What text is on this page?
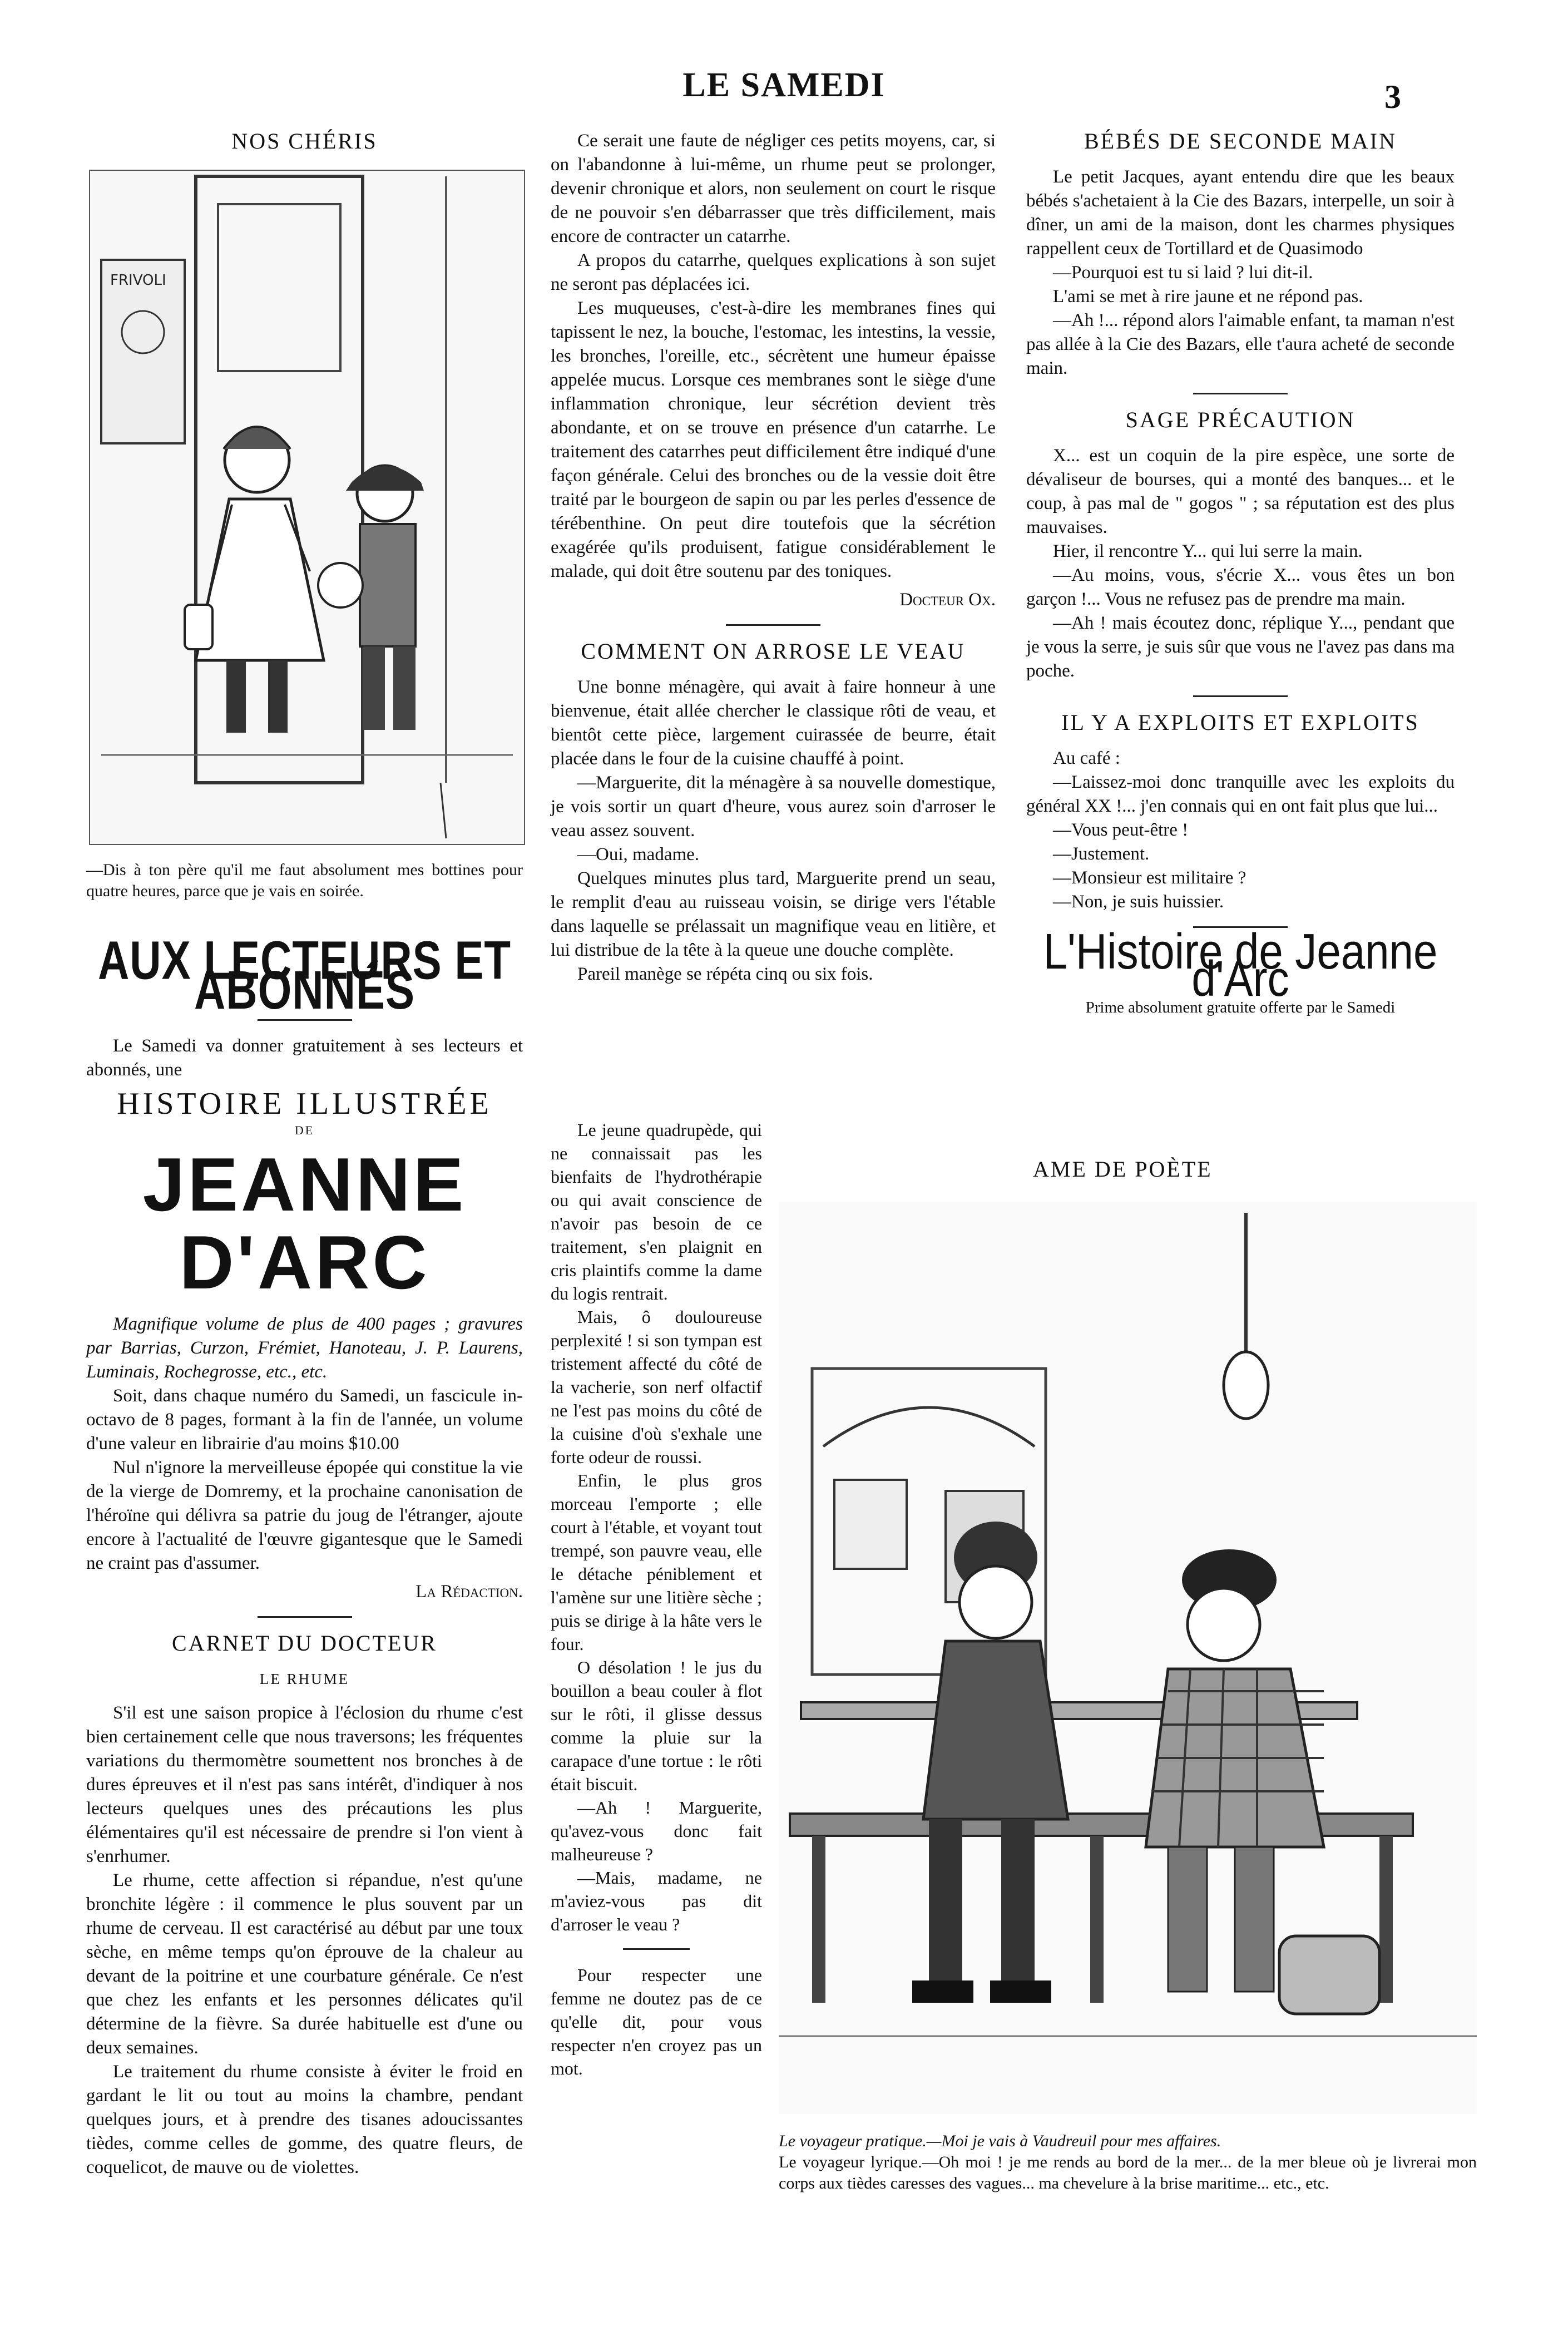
LE SAMEDI	3
NOS CHÉRIS
FRIVOLI
—Dis à ton père qu'il me faut absolument mes bottines pour quatre heures, parce que je vais en soirée.
AUX LECTEURS ET ABONNÉS

Le Samedi va donner gratuitement à ses lecteurs et abonnés, une

HISTOIRE ILLUSTRÉE
DE
JEANNE D'ARC

Magnifique volume de plus de 400 pages ; gravures par Barrias, Curzon, Frémiet, Hanoteau, J. P. Laurens, Luminais, Rochegrosse, etc., etc.

Soit, dans chaque numéro du Samedi, un fascicule in-octavo de 8 pages, formant à la fin de l'année, un volume d'une valeur en librairie d'au moins $10.00

Nul n'ignore la merveilleuse épopée qui constitue la vie de la vierge de Domremy, et la prochaine canonisation de l'héroïne qui délivra sa patrie du joug de l'étranger, ajoute encore à l'actualité de l'œuvre gigantesque que le Samedi ne craint pas d'assumer.

La Rédaction.
CARNET DU DOCTEUR
LE RHUME

S'il est une saison propice à l'éclosion du rhume c'est bien certainement celle que nous traversons; les fréquentes variations du thermomètre soumettent nos bronches à de dures épreuves et il n'est pas sans intérêt, d'indiquer à nos lecteurs quelques unes des précautions les plus élémentaires qu'il est nécessaire de prendre si l'on vient à s'enrhumer.

Le rhume, cette affection si répandue, n'est qu'une bronchite légère : il commence le plus souvent par un rhume de cerveau. Il est caractérisé au début par une toux sèche, en même temps qu'on éprouve de la chaleur au devant de la poitrine et une courbature générale. Ce n'est que chez les enfants et les personnes délicates qu'il détermine de la fièvre. Sa durée habituelle est d'une ou deux semaines.

Le traitement du rhume consiste à éviter le froid en gardant le lit ou tout au moins la chambre, pendant quelques jours, et à prendre des tisanes adoucissantes tièdes, comme celles de gomme, des quatre fleurs, de coquelicot, de mauve ou de violettes.

Ce serait une faute de négliger ces petits moyens, car, si on l'abandonne à lui-même, un rhume peut se prolonger, devenir chronique et alors, non seulement on court le risque de ne pouvoir s'en débarrasser que très difficilement, mais encore de contracter un catarrhe.

A propos du catarrhe, quelques explications à son sujet ne seront pas déplacées ici.

Les muqueuses, c'est-à-dire les membranes fines qui tapissent le nez, la bouche, l'estomac, les intestins, la vessie, les bronches, l'oreille, etc., sécrètent une humeur épaisse appelée mucus. Lorsque ces membranes sont le siège d'une inflammation chronique, leur sécrétion devient très abondante, et on se trouve en présence d'un catarrhe. Le traitement des catarrhes peut difficilement être indiqué d'une façon générale. Celui des bronches ou de la vessie doit être traité par le bourgeon de sapin ou par les perles d'essence de térébenthine. On peut dire toutefois que la sécrétion exagérée qu'ils produisent, fatigue considérablement le malade, qui doit être soutenu par des toniques.

Docteur Ox.
COMMENT ON ARROSE LE VEAU

Une bonne ménagère, qui avait à faire honneur à une bienvenue, était allée chercher le classique rôti de veau, et bientôt cette pièce, largement cuirassée de beurre, était placée dans le four de la cuisine chauffé à point.

—Marguerite, dit la ménagère à sa nouvelle domestique, je vois sortir un quart d'heure, vous aurez soin d'arroser le veau assez souvent.

—Oui, madame.

Quelques minutes plus tard, Marguerite prend un seau, le remplit d'eau au ruisseau voisin, se dirige vers l'étable dans laquelle se prélassait un magnifique veau en litière, et lui distribue de la tête à la queue une douche complète.

Pareil manège se répéta cinq ou six fois.

Le jeune quadrupède, qui ne connaissait pas les bienfaits de l'hydrothérapie ou qui avait conscience de n'avoir pas besoin de ce traitement, s'en plaignit en cris plaintifs comme la dame du logis rentrait.

Mais, ô douloureuse perplexité ! si son tympan est tristement affecté du côté de la vacherie, son nerf olfactif ne l'est pas moins du côté de la cuisine d'où s'exhale une forte odeur de roussi.

Enfin, le plus gros morceau l'emporte ; elle court à l'étable, et voyant tout trempé, son pauvre veau, elle le détache péniblement et l'amène sur une litière sèche ; puis se dirige à la hâte vers le four.

O désolation ! le jus du bouillon a beau couler à flot sur le rôti, il glisse dessus comme la pluie sur la carapace d'une tortue : le rôti était biscuit.

—Ah ! Marguerite, qu'avez-vous donc fait malheureuse ?

—Mais, madame, ne m'aviez-vous pas dit d'arroser le veau ?

Pour respecter une femme ne doutez pas de ce qu'elle dit, pour vous respecter n'en croyez pas un mot.

BÉBÉS DE SECONDE MAIN

Le petit Jacques, ayant entendu dire que les beaux bébés s'achetaient à la Cie des Bazars, interpelle, un soir à dîner, un ami de la maison, dont les charmes physiques rappellent ceux de Tortillard et de Quasimodo

—Pourquoi est tu si laid ? lui dit-il.

L'ami se met à rire jaune et ne répond pas.

—Ah !... répond alors l'aimable enfant, ta maman n'est pas allée à la Cie des Bazars, elle t'aura acheté de seconde main.

SAGE PRÉCAUTION

X... est un coquin de la pire espèce, une sorte de dévaliseur de bourses, qui a monté des banques... et le coup, à pas mal de " gogos " ; sa réputation est des plus mauvaises.

Hier, il rencontre Y... qui lui serre la main.

—Au moins, vous, s'écrie X... vous êtes un bon garçon !... Vous ne refusez pas de prendre ma main.

—Ah ! mais écoutez donc, réplique Y..., pendant que je vous la serre, je suis sûr que vous ne l'avez pas dans ma poche.

IL Y A EXPLOITS ET EXPLOITS

Au café :

—Laissez-moi donc tranquille avec les exploits du général XX !... j'en connais qui en ont fait plus que lui...

—Vous peut-être !

—Justement.

—Monsieur est militaire ?

—Non, je suis huissier.

L'Histoire de Jeanne d'Arc
Prime absolument gratuite offerte par le Samedi
AME DE POÈTE
Le voyageur pratique.—Moi je vais à Vaudreuil pour mes affaires.
Le voyageur lyrique.—Oh moi ! je me rends au bord de la mer... de la mer bleue où je livrerai mon corps aux tièdes caresses des vagues... ma chevelure à la brise maritime... etc., etc.
